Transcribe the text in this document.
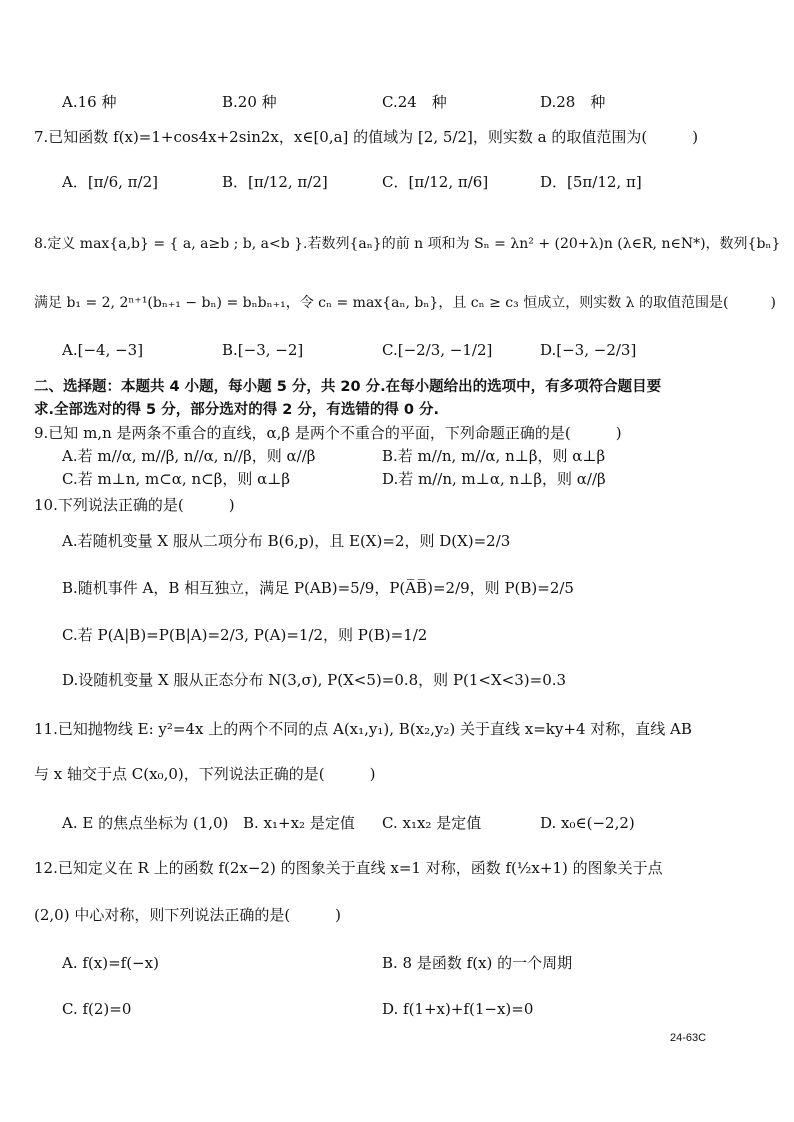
A.16 种	B.20 种	C.24　种	D.28　种
7.已知函数 f(x)=1+cos4x+2sin2x，x∈[0,a] 的值域为 [2, 5/2]，则实数 a 的取值范围为(　　　)
A．[π/6, π/2]	B．[π/12, π/2]	C．[π/12, π/6]	D．[5π/12, π]
8.定义 max{a,b} = { a, a≥b ; b, a<b }.若数列{aₙ}的前 n 项和为 Sₙ = λn² + (20+λ)n (λ∈R, n∈N*)，数列{bₙ}
满足 b₁ = 2, 2ⁿ⁺¹(bₙ₊₁ − bₙ) = bₙbₙ₊₁，令 cₙ = max{aₙ, bₙ}，且 cₙ ≥ c₃ 恒成立，则实数 λ 的取值范围是(　　　)
A.[−4, −3]	B.[−3, −2]	C.[−2/3, −1/2]	D.[−3, −2/3]
二、选择题：本题共 4 小题，每小题 5 分，共 20 分.在每小题给出的选项中，有多项符合题目要
求.全部选对的得 5 分，部分选对的得 2 分，有选错的得 0 分.
9.已知 m,n 是两条不重合的直线，α,β 是两个不重合的平面，下列命题正确的是(　　　)
A.若 m//α, m//β, n//α, n//β，则 α//β	B.若 m//n, m//α, n⊥β，则 α⊥β
C.若 m⊥n, m⊂α, n⊂β，则 α⊥β	D.若 m//n, m⊥α, n⊥β，则 α//β
10.下列说法正确的是(　　　)
A.若随机变量 X 服从二项分布 B(6,p)，且 E(X)=2，则 D(X)=2/3
B.随机事件 A，B 相互独立，满足 P(AB)=5/9，P(A̅B̅)=2/9，则 P(B)=2/5
C.若 P(A|B)=P(B|A)=2/3, P(A)=1/2，则 P(B)=1/2
D.设随机变量 X 服从正态分布 N(3,σ), P(X<5)=0.8，则 P(1<X<3)=0.3
11.已知抛物线 E: y²=4x 上的两个不同的点 A(x₁,y₁), B(x₂,y₂) 关于直线 x=ky+4 对称，直线 AB
与 x 轴交于点 C(x₀,0)，下列说法正确的是(　　　)
A. E 的焦点坐标为 (1,0) B. x₁+x₂ 是定值 C. x₁x₂ 是定值	D. x₀∈(−2,2)
12.已知定义在 R 上的函数 f(2x−2) 的图象关于直线 x=1 对称，函数 f(½x+1) 的图象关于点
(2,0) 中心对称，则下列说法正确的是(　　　)
A. f(x)=f(−x)	B. 8 是函数 f(x) 的一个周期
C. f(2)=0	D. f(1+x)+f(1−x)=0
24-63C
